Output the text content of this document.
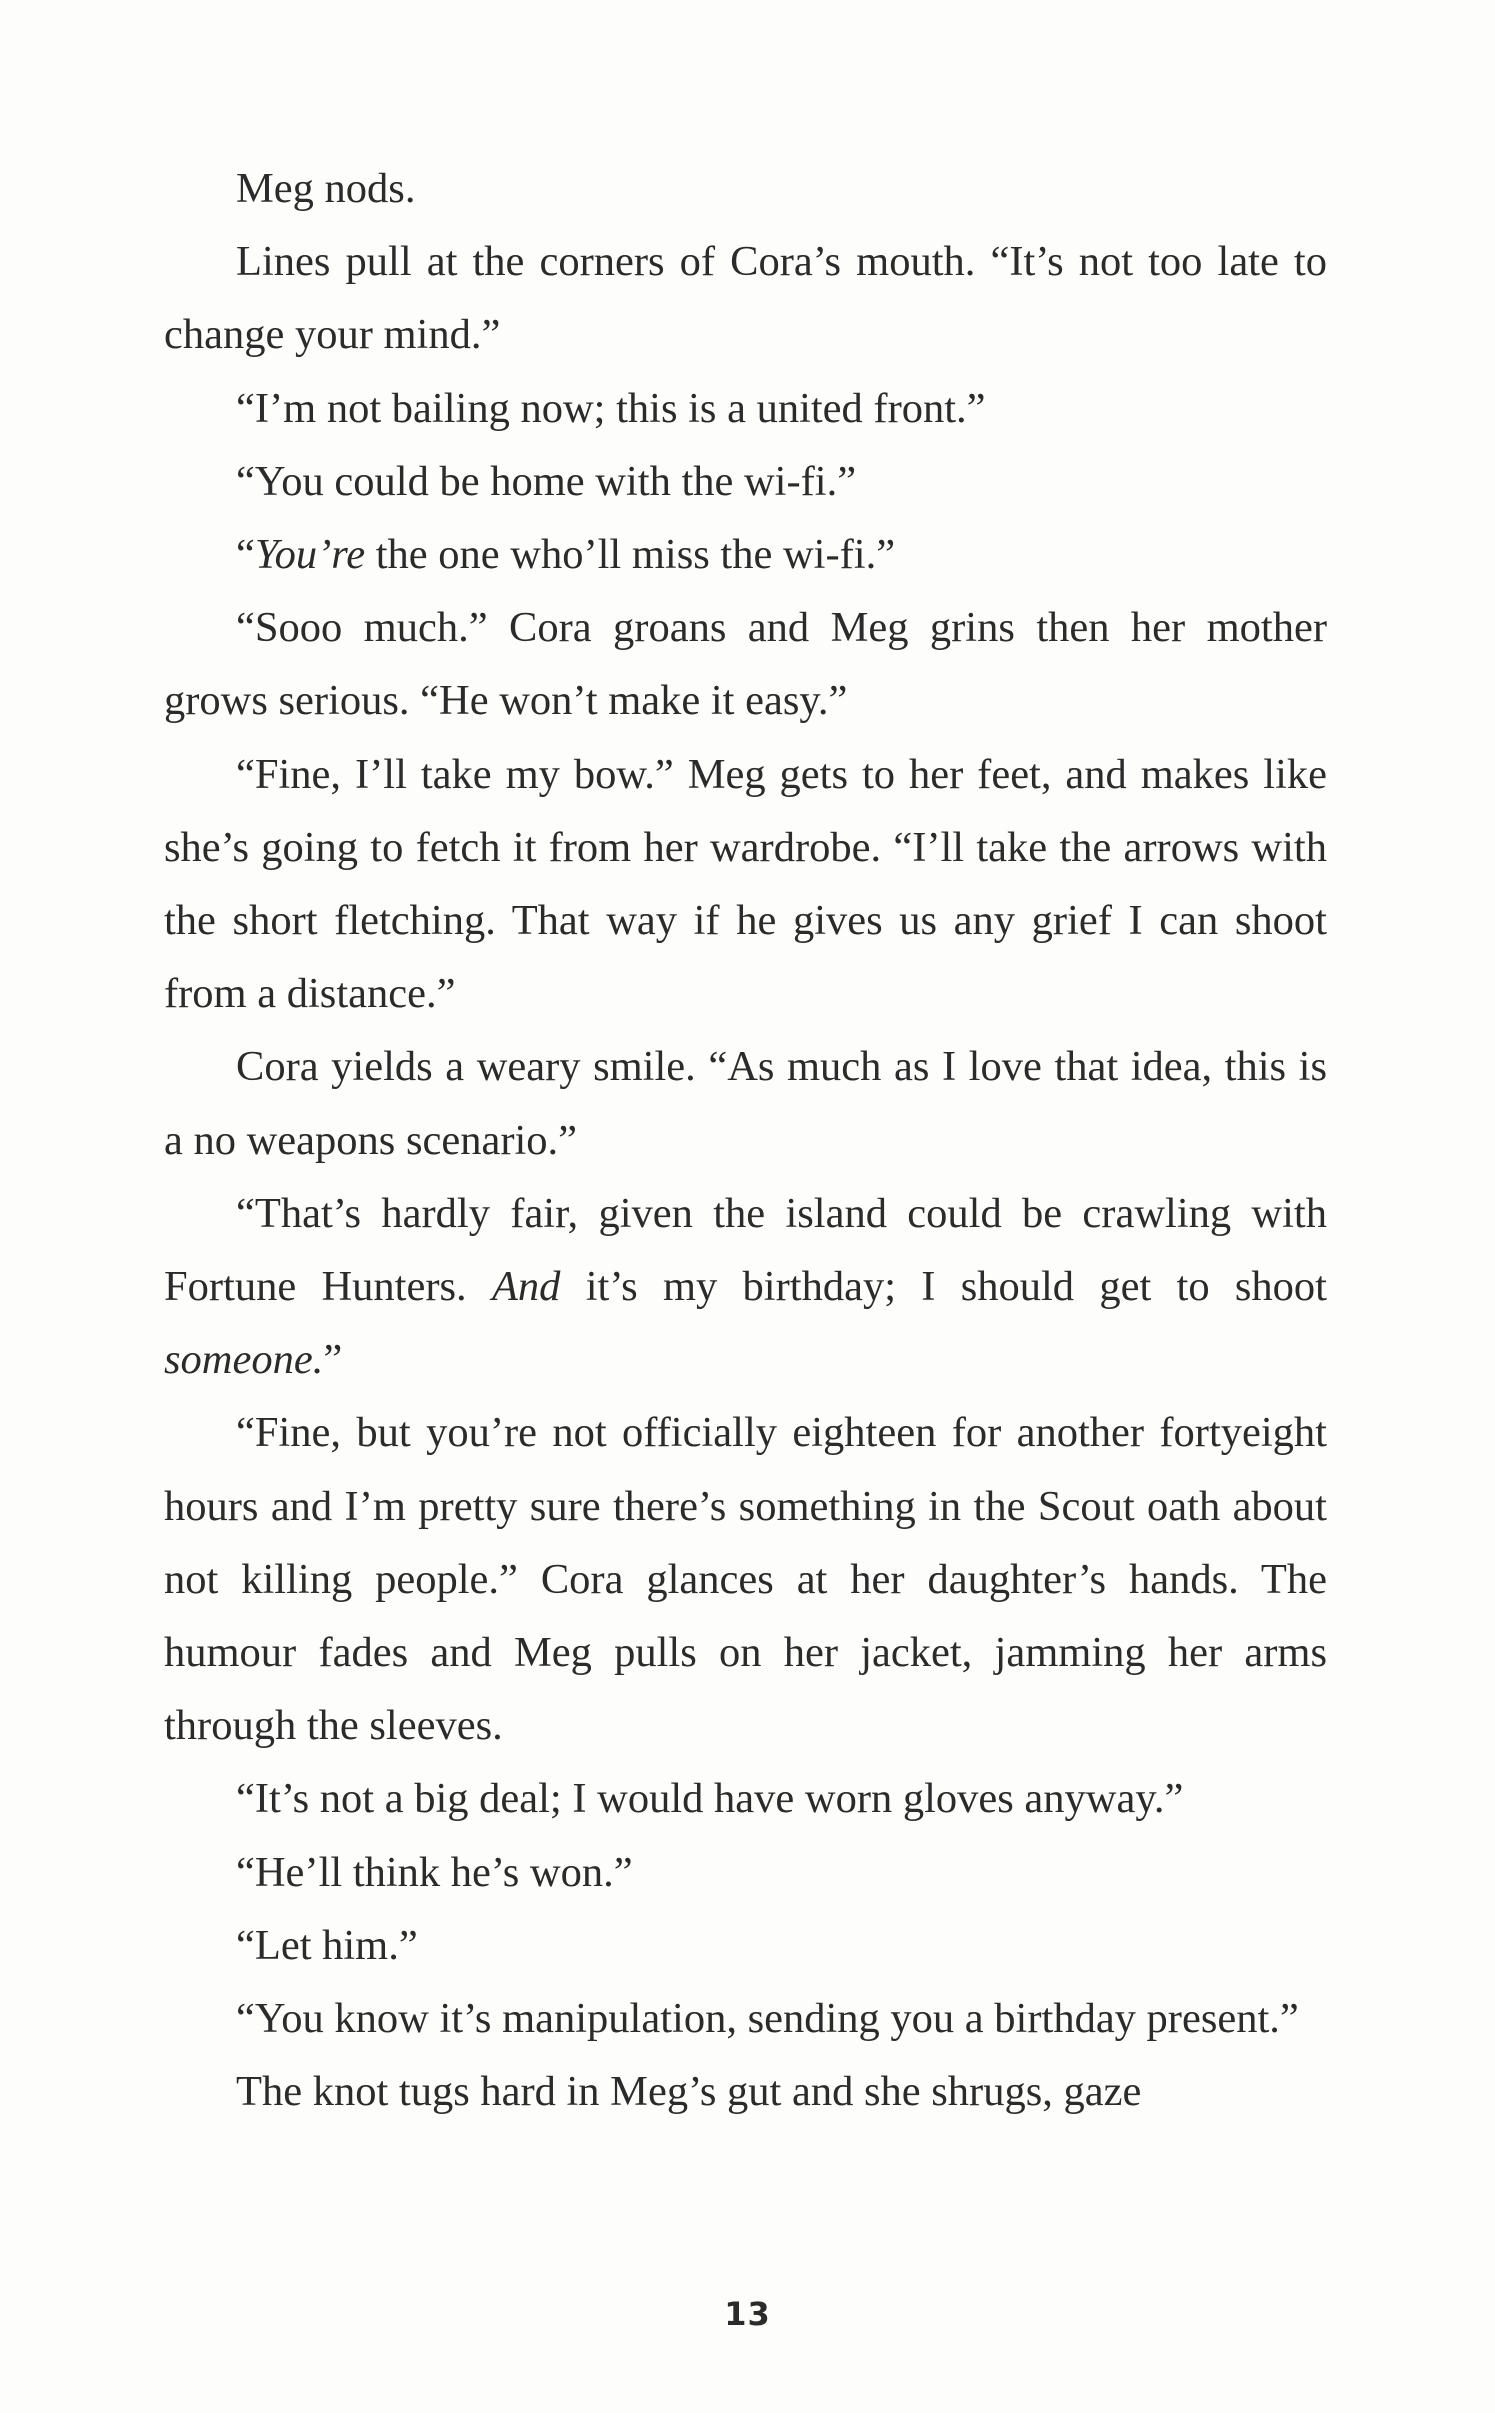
Meg nods.

Lines pull at the corners of Cora’s mouth. “It’s not too late to change your mind.”

“I’m not bailing now; this is a united front.”

“You could be home with the wi-fi.”

“You’re the one who’ll miss the wi-fi.”

“Sooo much.” Cora groans and Meg grins then her mother grows serious. “He won’t make it easy.”

“Fine, I’ll take my bow.” Meg gets to her feet, and makes like she’s going to fetch it from her wardrobe. “I’ll take the arrows with the short fletching. That way if he gives us any grief I can shoot from a distance.”

Cora yields a weary smile. “As much as I love that idea, this is a no weapons scenario.”

“That’s hardly fair, given the island could be crawling with Fortune Hunters. And it’s my birthday; I should get to shoot someone.”

“Fine, but you’re not officially eighteen for another fortyeight hours and I’m pretty sure there’s something in the Scout oath about not killing people.” Cora glances at her daughter’s hands. The humour fades and Meg pulls on her jacket, jamming her arms through the sleeves.

“It’s not a big deal; I would have worn gloves anyway.”

“He’ll think he’s won.”

“Let him.”

“You know it’s manipulation, sending you a birthday present.”

The knot tugs hard in Meg’s gut and she shrugs, gaze

13
